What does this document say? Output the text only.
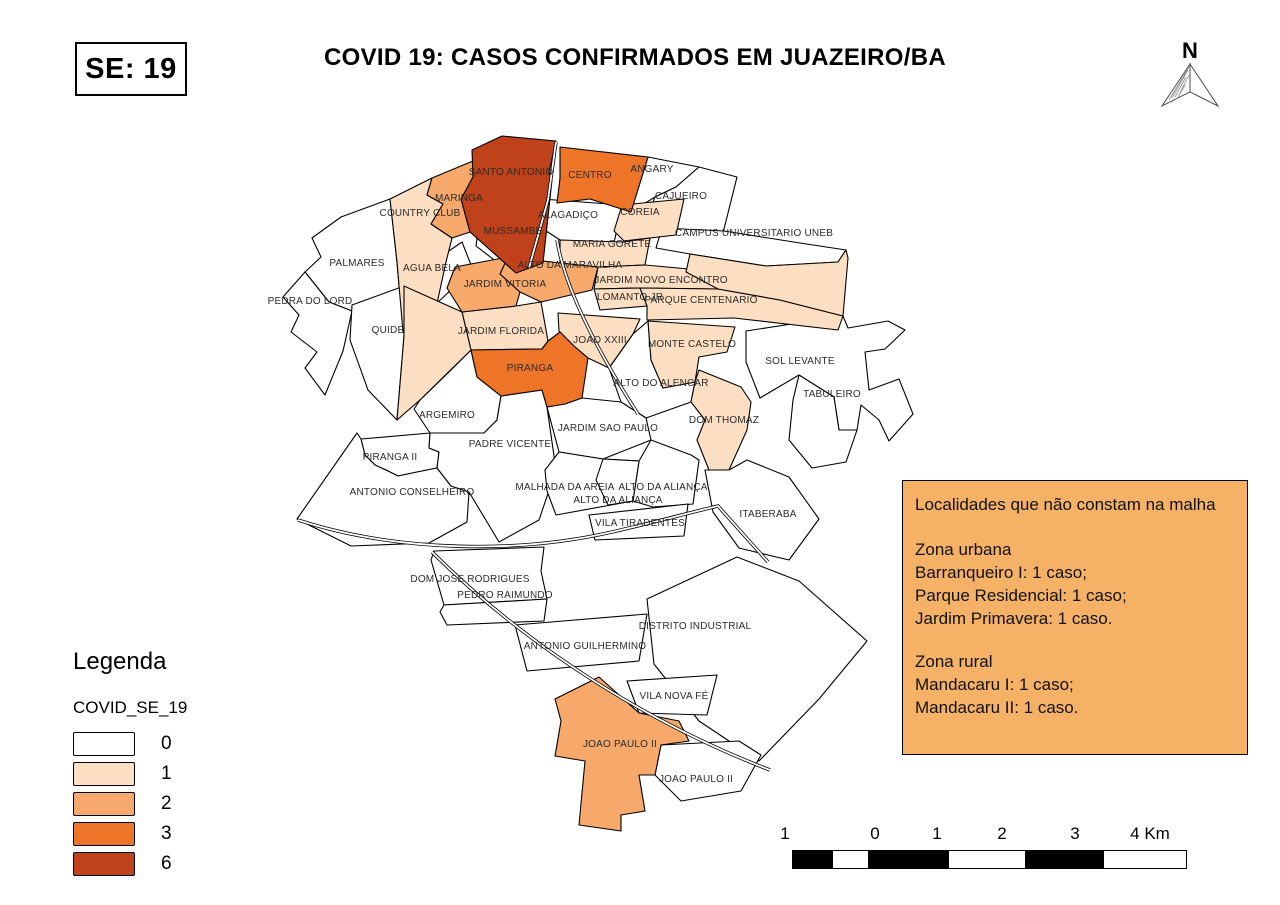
SE: 19	COVID 19: CASOS CONFIRMADOS EM JUAZEIRO/BA
ANGARY
CAJUEIRO
PALMARES
PEDRA DO LORD
AGUA BELA
QUIDE
MUSSAMBE
ALAGADIÇO
CAMPUS UNIVERSITARIO UNEB
ALTO DO ALENCAR
SOL LEVANTE
TABULEIRO
ARGEMIRO
PIRANGA II
ANTONIO CONSELHEIRO
PADRE VICENTE
JARDIM SAO PAULO
MALHADA DA AREIA ALTO DA ALIANÇA
ALTO DA ALIANÇA
VILA TIRADENTES
ITABERABA
DOM JOSE RODRIGUES
PEDRO RAIMUNDO
ANTONIO GUILHERMINO
DISTRITO INDUSTRIAL
VILA NOVA FÉ
JOAO PAULO II
COUNTRY CLUB	COREIA
MARIA GORETE
JARDIM NOVO ENCONTRO
LOMANTO JR
PARQUE CENTENARIO
JARDIM FLORIDA
JOAO XXIII MONTE CASTELO
DOM THOMAZ
MARINGA
JARDIM VITORIA
ALTO DA MARAVILHA
JOAO PAULO II
CENTRO
PIRANGA
SANTO ANTONIO
N
Legenda
COVID_SE_19
0
1
2
3
6
Localidades que não constam na malha
Zona urbana
Barranqueiro I: 1 caso;
Parque Residencial: 1 caso;
Jardim Primavera: 1 caso.
Zona rural
Mandacaru I: 1 caso;
Mandacaru II: 1 caso.
1	0	1	2	3	4 Km
